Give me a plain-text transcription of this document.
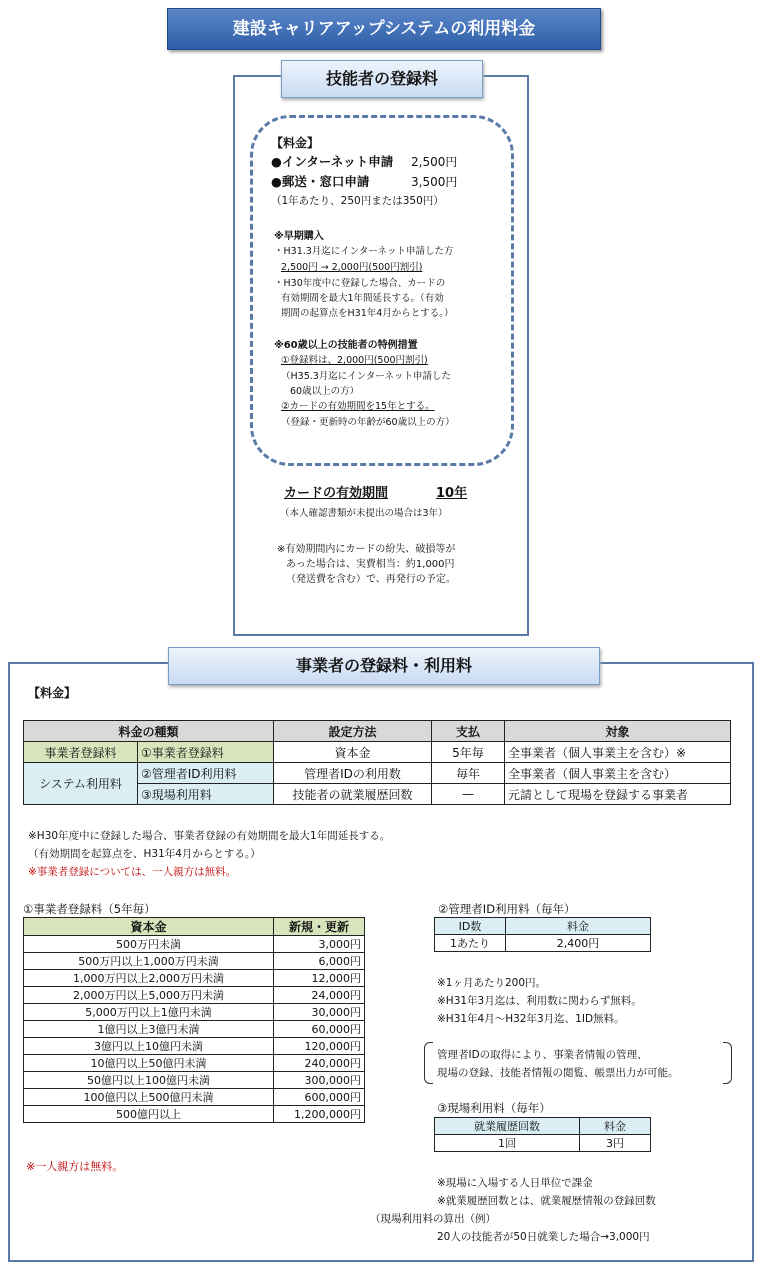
建設キャリアアップシステムの利用料金
技能者の登録料
【料金】
●インターネット申請 2,500円
●郵送・窓口申請	3,500円
（1年あたり、250円または350円）
※早期購入
・H31.3月迄にインターネット申請した方
2,500円 → 2,000円(500円割引)
・H30年度中に登録した場合、カードの
有効期間を最大1年間延長する。（有効
期間の起算点をH31年4月からとする。）
※60歳以上の技能者の特例措置
①登録料は、2,000円(500円割引)
（H35.3月迄にインターネット申請した
60歳以上の方）
②カードの有効期間を15年とする。
（登録・更新時の年齢が60歳以上の方）
カードの有効期間	10年
（本人確認書類が未提出の場合は3年）
※有効期間内にカードの紛失、破損等が
あった場合は、実費相当：約1,000円
（発送費を含む）で、再発行の予定。
事業者の登録料・利用料
【料金】
料金の種類		設定方法	支払	対象
事業者登録料	①事業者登録料	資本金	5年毎	全事業者（個人事業主を含む）※
システム利用料	②管理者ID利用料	管理者IDの利用数	毎年	全事業者（個人事業主を含む）
	③現場利用料	技能者の就業履歴回数	—	元請として現場を登録する事業者
※H30年度中に登録した場合、事業者登録の有効期間を最大1年間延長する。
（有効期間を起算点を、H31年4月からとする。）
※事業者登録については、一人親方は無料。
①事業者登録料（5年毎）
資本金	新規・更新
500万円未満	3,000円
500万円以上1,000万円未満	6,000円
1,000万円以上2,000万円未満	12,000円
2,000万円以上5,000万円未満	24,000円
5,000万円以上1億円未満	30,000円
1億円以上3億円未満	60,000円
3億円以上10億円未満	120,000円
10億円以上50億円未満	240,000円
50億円以上100億円未満	300,000円
100億円以上500億円未満	600,000円
500億円以上	1,200,000円
※一人親方は無料。
②管理者ID利用料（毎年）
ID数	料金
1あたり	2,400円
※1ヶ月あたり200円。
※H31年3月迄は、利用数に関わらず無料。
※H31年4月～H32年3月迄、1ID無料。
管理者IDの取得により、事業者情報の管理、
現場の登録、技能者情報の閲覧、帳票出力が可能。
③現場利用料（毎年）
就業履歴回数	料金
1回	3円
※現場に入場する人日単位で課金
※就業履歴回数とは、就業履歴情報の登録回数
（現場利用料の算出（例）
20人の技能者が50日就業した場合→3,000円
